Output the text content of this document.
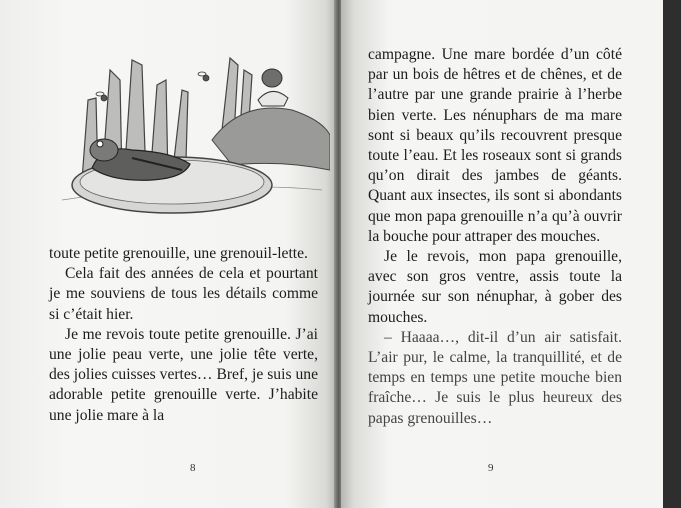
toute petite grenouille, une grenouil-lette.

Cela fait des années de cela et pourtant je me souviens de tous les détails comme si c’était hier.

Je me revois toute petite grenouille. J’ai une jolie peau verte, une jolie tête verte, des jolies cuisses vertes… Bref, je suis une adorable petite grenouille verte. J’habite une jolie mare à la

8

campagne. Une mare bordée d’un côté par un bois de hêtres et de chênes, et de l’autre par une grande prairie à l’herbe bien verte. Les nénuphars de ma mare sont si beaux qu’ils recouvrent presque toute l’eau. Et les roseaux sont si grands qu’on dirait des jambes de géants. Quant aux insectes, ils sont si abondants que mon papa grenouille n’a qu’à ouvrir la bouche pour attraper des mouches.

Je le revois, mon papa grenouille, avec son gros ventre, assis toute la journée sur son nénuphar, à gober des mouches.

– Haaaa…, dit-il d’un air satisfait. L’air pur, le calme, la tranquillité, et de temps en temps une petite mouche bien fraîche… Je suis le plus heureux des papas grenouilles…

9
